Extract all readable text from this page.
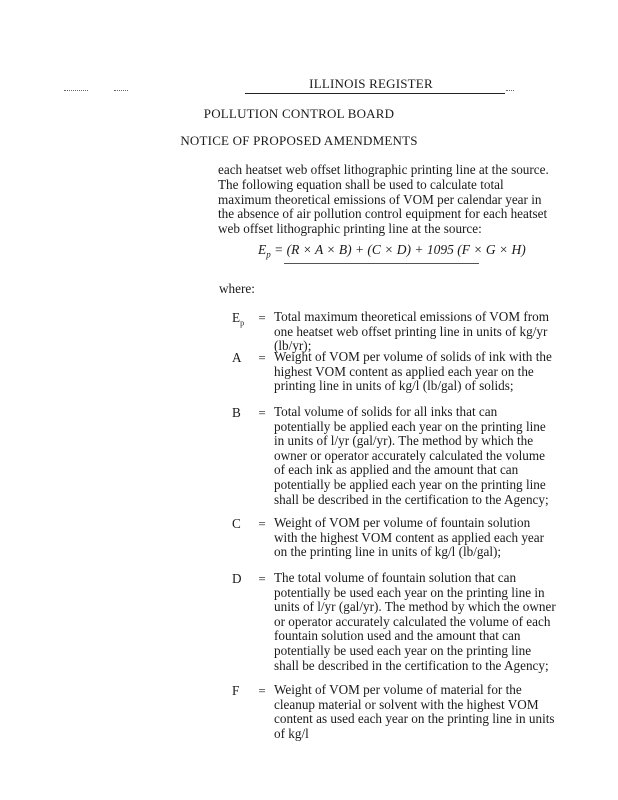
ILLINOIS REGISTER
POLLUTION CONTROL BOARD
NOTICE OF PROPOSED AMENDMENTS
each heatset web offset lithographic printing line at the source.
The following equation shall be used to calculate total maximum theoretical emissions of VOM per calendar year in the absence of air pollution control equipment for each heatset web offset lithographic printing line at the source:
$E_p = (R \times A \times B) + (C \times D) + 1095$ (F × G × H)
where:
$E_p$	= Total maximum theoretical emissions of VOM from one heatset web offset printing line in units of kg/yr (lb/yr);
A	= Weight of VOM per volume of solids of ink with the highest VOM content as applied each year on the printing line in units of kg/l (lb/gal) of solids;
B	= Total volume of solids for all inks that can potentially be applied each year on the printing line in units of l/yr (gal/yr). The method by which the owner or operator accurately calculated the volume of each ink as applied and the amount that can potentially be applied each year on the printing line shall be described in the certification to the Agency;
C	= Weight of VOM per volume of fountain solution with the highest VOM content as applied each year on the printing line in units of kg/l (lb/gal);
D	= The total volume of fountain solution that can potentially be used each year on the printing line in units of l/yr (gal/yr). The method by which the owner or operator accurately calculated the volume of each fountain solution used and the amount that can potentially be used each year on the printing line shall be described in the certification to the Agency;
F	= Weight of VOM per volume of material for the cleanup material or solvent with the highest VOM content as used each year on the printing line in units of kg/l
